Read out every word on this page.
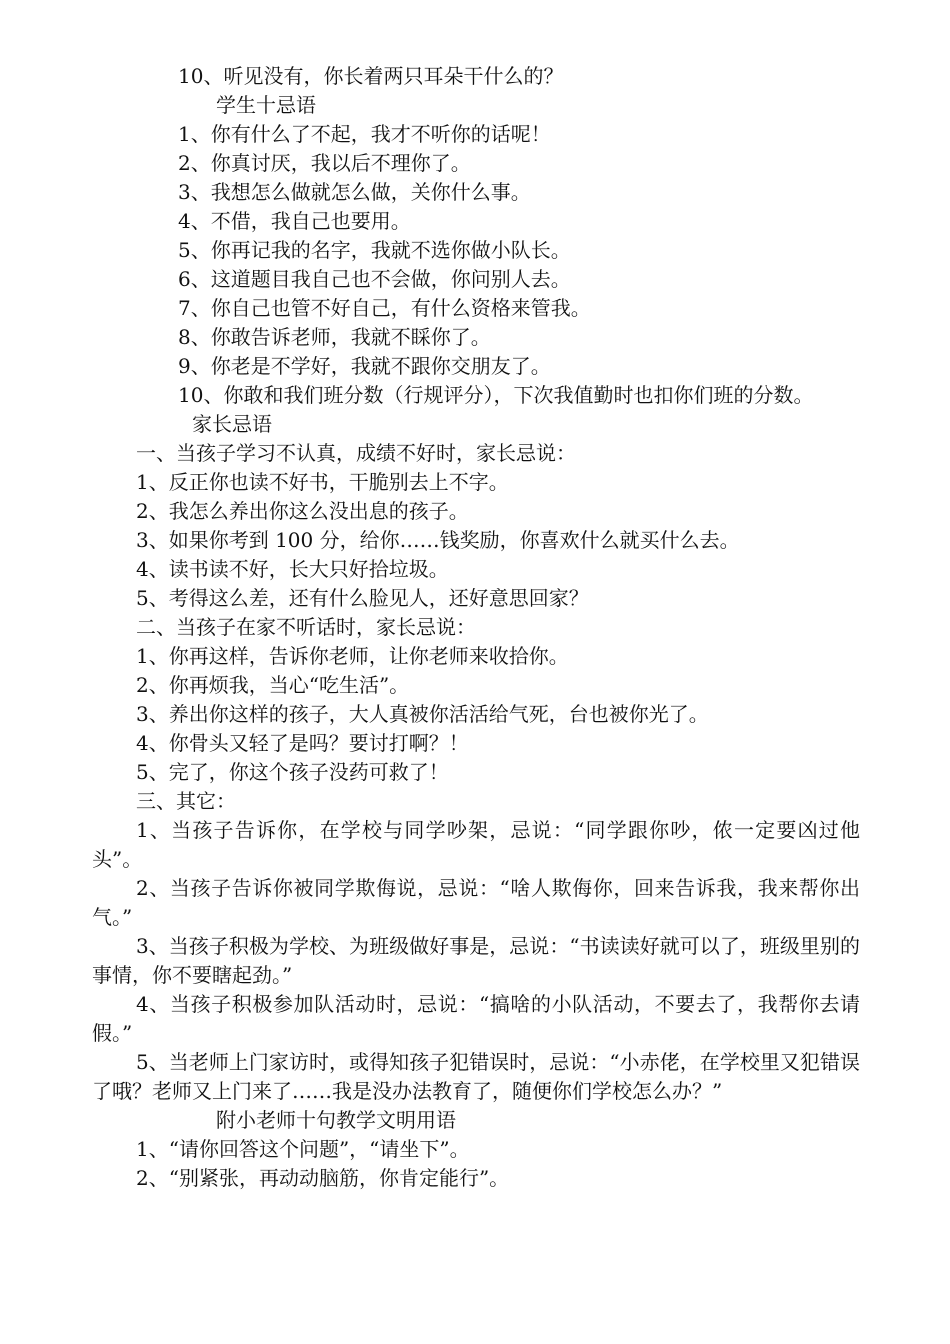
10、听见没有，你长着两只耳朵干什么的？

学生十忌语

1、你有什么了不起，我才不听你的话呢！

2、你真讨厌，我以后不理你了。

3、我想怎么做就怎么做，关你什么事。

4、不借，我自己也要用。

5、你再记我的名字，我就不选你做小队长。

6、这道题目我自己也不会做，你问别人去。

7、你自己也管不好自己，有什么资格来管我。

8、你敢告诉老师，我就不睬你了。

9、你老是不学好，我就不跟你交朋友了。

10、你敢和我们班分数（行规评分），下次我值勤时也扣你们班的分数。

家长忌语

一、当孩子学习不认真，成绩不好时，家长忌说：

1、反正你也读不好书，干脆别去上不字。

2、我怎么养出你这么没出息的孩子。

3、如果你考到 100 分，给你……钱奖励，你喜欢什么就买什么去。

4、读书读不好，长大只好拾垃圾。

5、考得这么差，还有什么脸见人，还好意思回家？

二、当孩子在家不听话时，家长忌说：

1、你再这样，告诉你老师，让你老师来收拾你。

2、你再烦我，当心“吃生活”。

3、养出你这样的孩子，大人真被你活活给气死，台也被你光了。

4、你骨头又轻了是吗？要讨打啊？！

5、完了，你这个孩子没药可救了！

三、其它：

1、当孩子告诉你，在学校与同学吵架，忌说：“同学跟你吵，侬一定要凶过他头”。

2、当孩子告诉你被同学欺侮说，忌说：“啥人欺侮你，回来告诉我，我来帮你出气。”

3、当孩子积极为学校、为班级做好事是，忌说：“书读读好就可以了，班级里别的事情，你不要瞎起劲。”

4、当孩子积极参加队活动时，忌说：“搞啥的小队活动，不要去了，我帮你去请假。”

5、当老师上门家访时，或得知孩子犯错误时，忌说：“小赤佬，在学校里又犯错误了哦？老师又上门来了……我是没办法教育了，随便你们学校怎么办？”

附小老师十句教学文明用语

1、“请你回答这个问题”，“请坐下”。

2、“别紧张，再动动脑筋，你肯定能行”。
